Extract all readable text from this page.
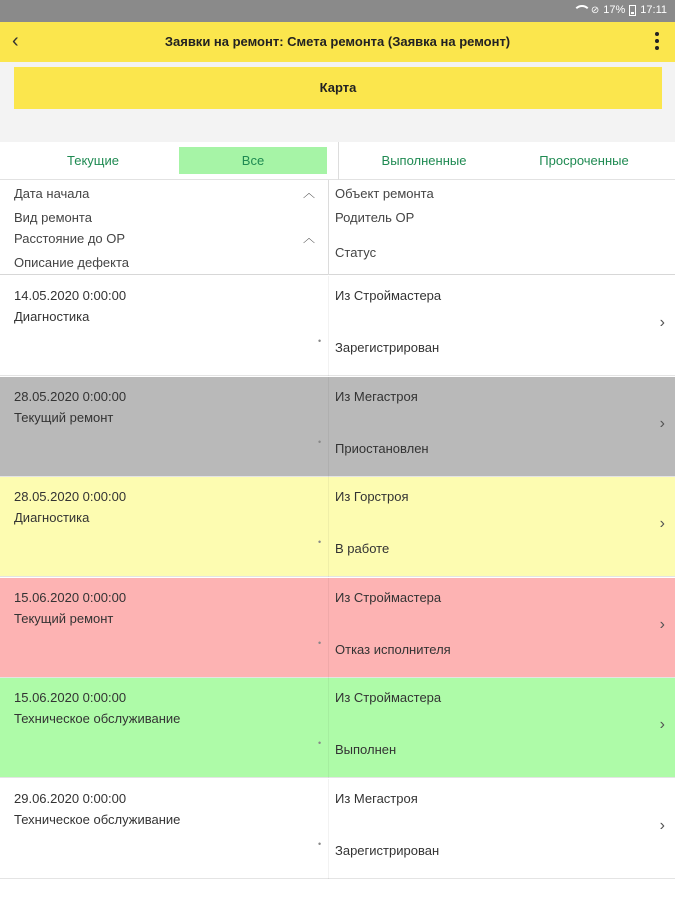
⊘ 17% 17:11
‹	Заявки на ремонт: Смета ремонта (Заявка на ремонт)
Карта
Текущие	Все	Выполненные	Просроченные
Дата начала	︿
Вид ремонта
Расстояние до ОР	︿
Описание дефекта
Объект ремонта
Родитель ОР
Статус
14.05.2020 0:00:00
Диагностика
Из Строймастера
Зарегистрирован
•
›
28.05.2020 0:00:00
Текущий ремонт
Из Мегастроя
Приостановлен
•
›
28.05.2020 0:00:00
Диагностика
Из Горстроя
В работе
•
›
15.06.2020 0:00:00
Текущий ремонт
Из Строймастера
Отказ исполнителя
•
›
15.06.2020 0:00:00
Техническое обслуживание
Из Строймастера
Выполнен
•
›
29.06.2020 0:00:00
Техническое обслуживание
Из Мегастроя
Зарегистрирован
•
›
